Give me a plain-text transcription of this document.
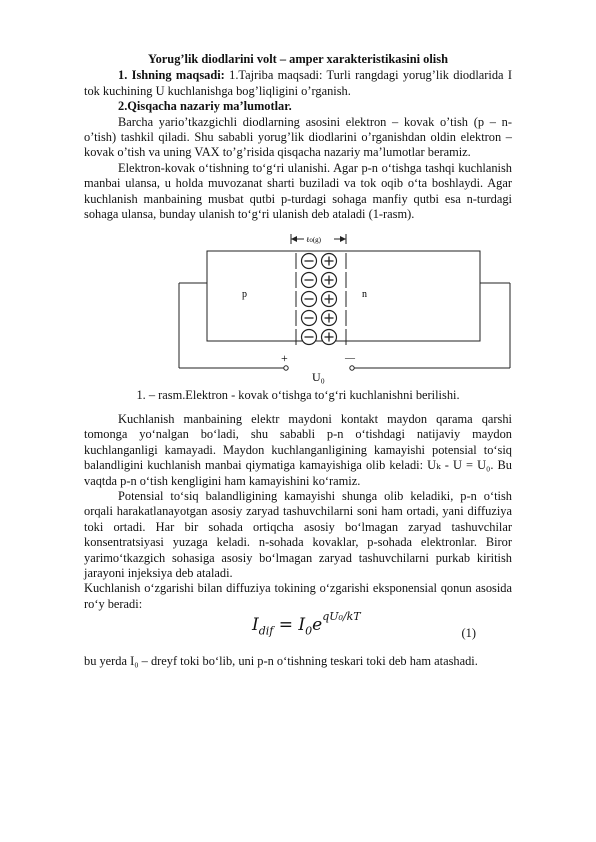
Yorug’lik diodlarini volt – amper xarakteristikasini olish

1. Ishning maqsadi: 1.Tajriba maqsadi: Turli rangdagi yorug’lik diodlarida I tok kuchining U kuchlanishga bog’liqligini o’rganish.

2.Qisqacha nazariy ma’lumotlar.

Barcha yario’tkazgichli diodlarning asosini elektron – kovak o’tish (p – n-o’tish) tashkil qiladi. Shu sababli yorug’lik diodlarini o’rganishdan oldin elektron – kovak o’tish va uning VAX to’g’risida qisqacha nazariy ma’lumotlar beramiz.

Elektron-kovak o‘tishning to‘g‘ri ulanishi. Agar p-n o‘tishga tashqi kuchlanish manbai ulansa, u holda muvozanat sharti buziladi va tok oqib o‘ta boshlaydi. Agar kuchlanish manbaining musbat qutbi p-turdagi sohaga manfiy qutbi esa n-turdagi sohaga ulansa, bunday ulanish to‘g‘ri ulanish deb ataladi (1-rasm).

ℓo(g)
p	n
+	—
U₀
1. – rasm.Elektron - kovak o‘tishga to‘g‘ri kuchlanishni berilishi.

Kuchlanish manbaining elektr maydoni kontakt maydon qarama qarshi tomonga yo‘nalgan bo‘ladi, shu sababli p-n o‘tishdagi natijaviy maydon kuchlanganligi kamayadi. Maydon kuchlanganligining kamayishi potensial to‘siq balandligini kuchlanish manbai qiymatiga kamayishiga olib keladi: Uₖ - U = U₀. Bu vaqtda p-n o‘tish kengligini ham kamayishini ko‘ramiz.

Potensial to‘siq balandligining kamayishi shunga olib keladiki, p-n o‘tish orqali harakatlanayotgan asosiy zaryad tashuvchilarni soni ham ortadi, yani diffuziya toki ortadi. Har bir sohada ortiqcha asosiy bo‘lmagan zaryad tashuvchilar konsentratsiyasi yuzaga keladi. n-sohada kovaklar, p-sohada elektronlar. Biror yarimo‘tkazgich sohasiga asosiy bo‘lmagan zaryad tashuvchilarni purkab kiritish jarayoni injeksiya deb ataladi.

Kuchlanish o‘zgarishi bilan diffuziya tokining o‘zgarishi eksponensial qonun asosida ro‘y beradi:

$I_{dif} = I_0e^{qU_0/kT}$
(1)

bu yerda I₀ – dreyf toki bo‘lib, uni p-n o‘tishning teskari toki deb ham atashadi.
